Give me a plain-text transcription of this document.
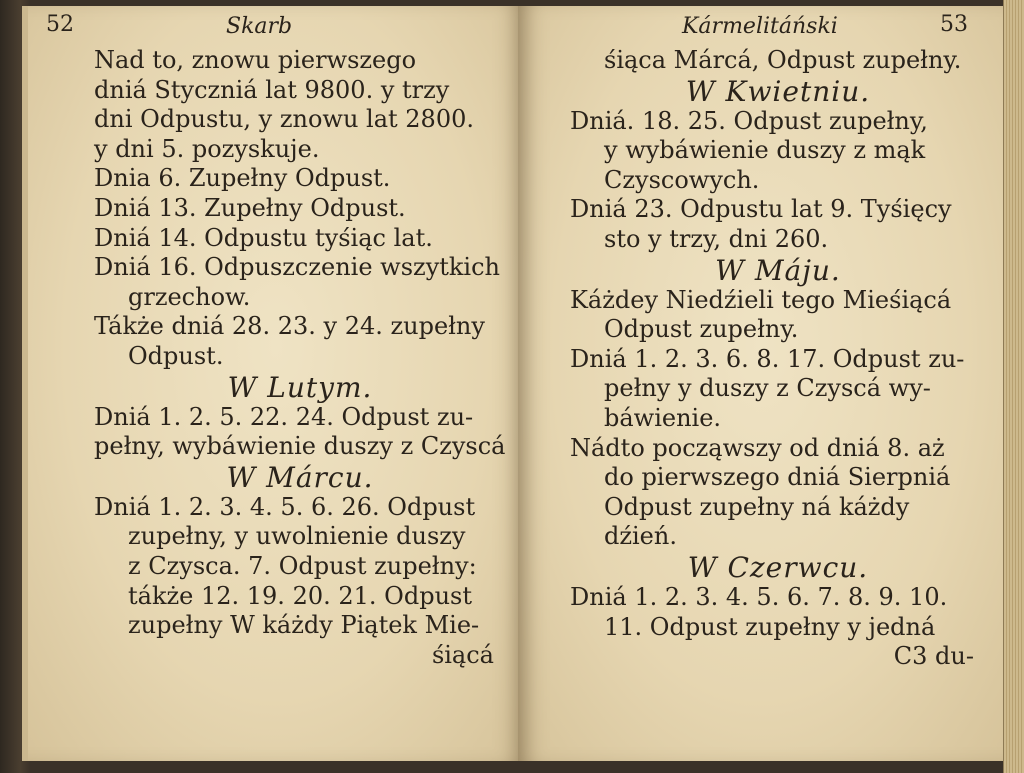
52	Skarb
Nad to, znowu pierwszego
dniá Styczniá lat 9800. y trzy
dni Odpustu, y znowu lat 2800.
y dni 5. pozyskuje.
Dnia 6. Zupełny Odpust.
Dniá 13. Zupełny Odpust.
Dniá 14. Odpustu tyśiąc lat.
Dniá 16. Odpuszczenie wszytkich
grzechow.
Tákże dniá 28. 23. y 24. zupełny
Odpust.
W Lutym.
Dniá 1. 2. 5. 22. 24. Odpust zu-
pełny, wybáwienie duszy z Czyscá
W Márcu.
Dniá 1. 2. 3. 4. 5. 6. 26. Odpust
zupełny, y uwolnienie duszy
z Czysca. 7. Odpust zupełny:
tákże 12. 19. 20. 21. Odpust
zupełny W káżdy Piątek Mie-
śiącá
Kármelitáński	53
śiąca Márcá, Odpust zupełny.
W Kwietniu.
Dniá. 18. 25. Odpust zupełny,
y wybáwienie duszy z mąk
Czyscowych.
Dniá 23. Odpustu lat 9. Tyśięcy
sto y trzy, dni 260.
W Máju.
Káżdey Niedźieli tego Mieśiącá
Odpust zupełny.
Dniá 1. 2. 3. 6. 8. 17. Odpust zu-
pełny y duszy z Czyscá wy-
báwienie.
Nádto począwszy od dniá 8. aż
do pierwszego dniá Sierpniá
Odpust zupełny ná káżdy
dźień.
W Czerwcu.
Dniá 1. 2. 3. 4. 5. 6. 7. 8. 9. 10.
11. Odpust zupełny y jedná
C3 du-
